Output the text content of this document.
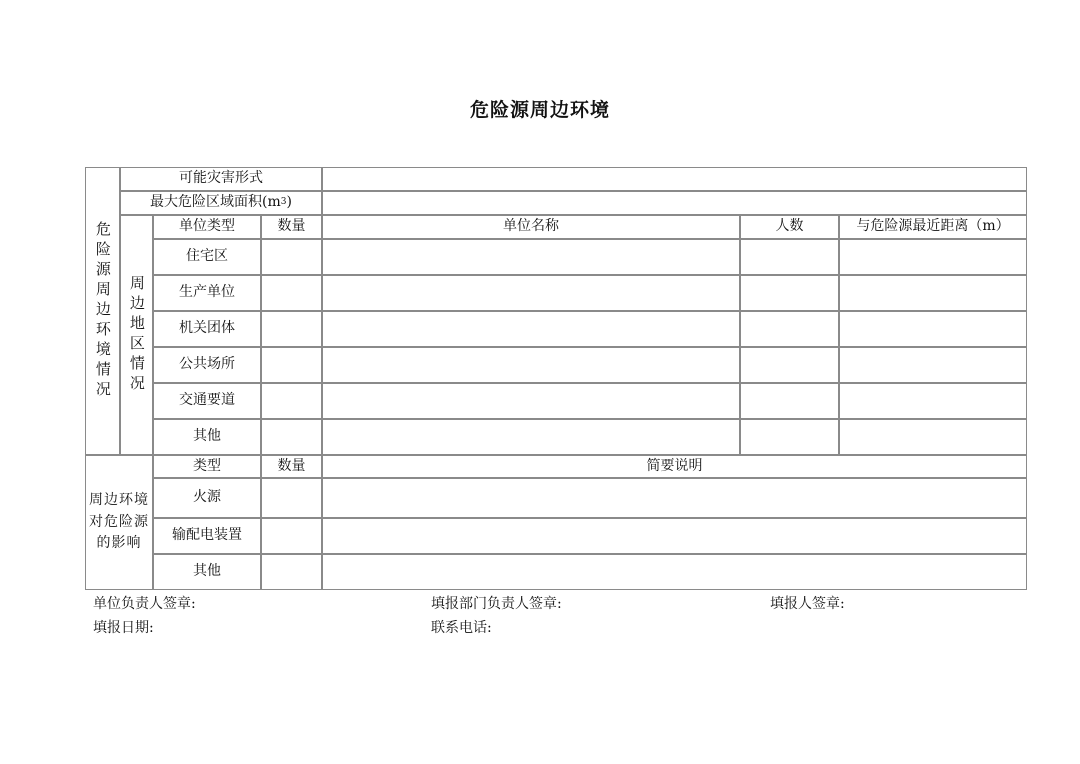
危险源周边环境
危险源周边环境情况
可能灾害形式
最大危险区域面积(m 3 )
周边地区情况
单位类型	数量	单位名称	人数	与危险源最近距离（m）
住宅区
生产单位
机关团体
公共场所
交通要道
其他
周边环境对危险源的影响
类型	数量	简要说明
火源
输配电装置
其他
单位负责人签章:	填报部门负责人签章:	填报人签章:
填报日期:	联系电话:
